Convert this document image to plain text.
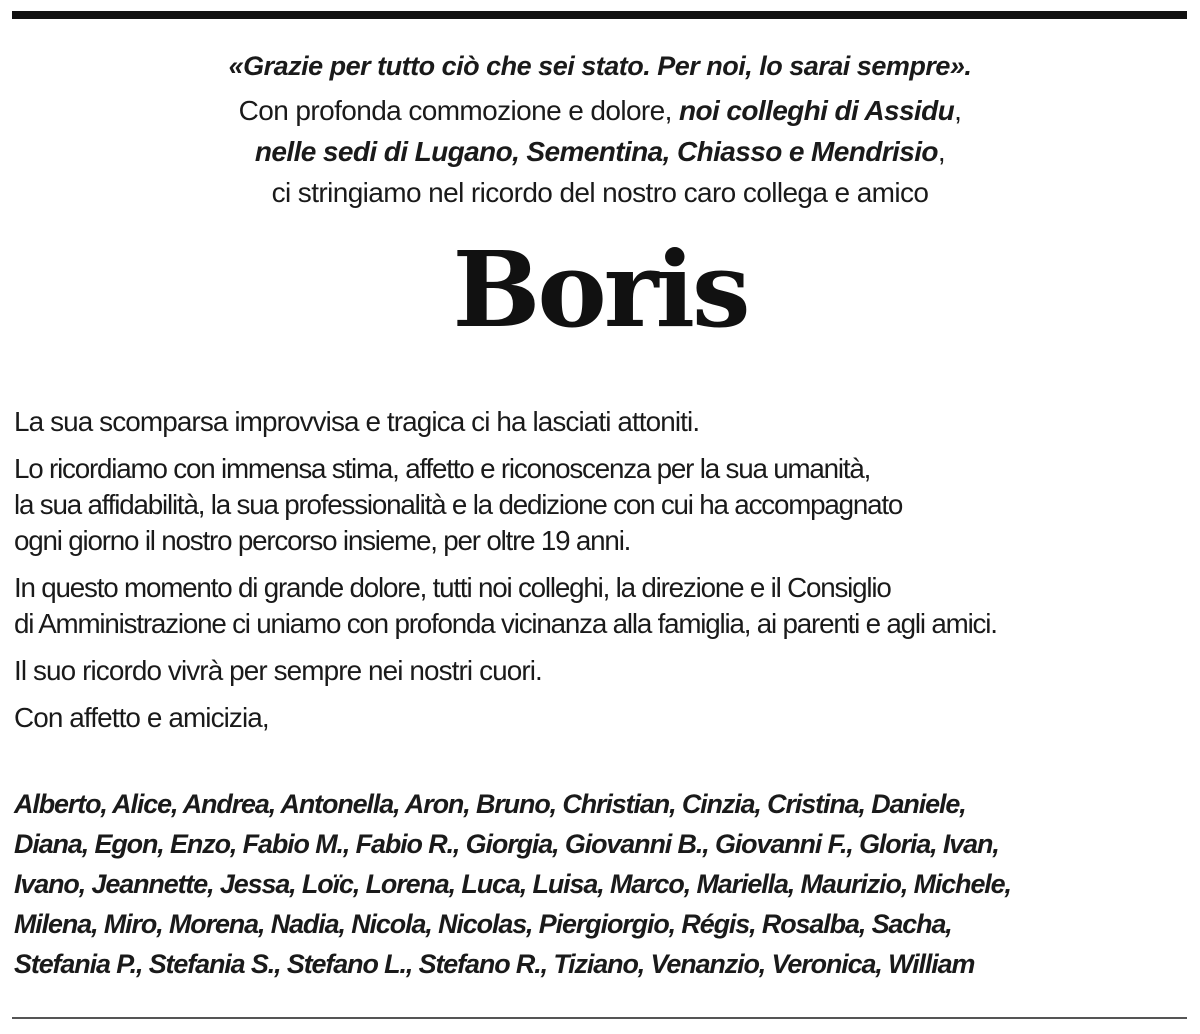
«Grazie per tutto ciò che sei stato. Per noi, lo sarai sempre».
Con profonda commozione e dolore, noi colleghi di Assidu,
nelle sedi di Lugano, Sementina, Chiasso e Mendrisio,
ci stringiamo nel ricordo del nostro caro collega e amico
Boris
La sua scomparsa improvvisa e tragica ci ha lasciati attoniti.
Lo ricordiamo con immensa stima, affetto e riconoscenza per la sua umanità,
la sua affidabilità, la sua professionalità e la dedizione con cui ha accompagnato
ogni giorno il nostro percorso insieme, per oltre 19 anni.
In questo momento di grande dolore, tutti noi colleghi, la direzione e il Consiglio
di Amministrazione ci uniamo con profonda vicinanza alla famiglia, ai parenti e agli amici.
Il suo ricordo vivrà per sempre nei nostri cuori.
Con affetto e amicizia,
Alberto, Alice, Andrea, Antonella, Aron, Bruno, Christian, Cinzia, Cristina, Daniele,
Diana, Egon, Enzo, Fabio M., Fabio R., Giorgia, Giovanni B., Giovanni F., Gloria, Ivan,
Ivano, Jeannette, Jessa, Loïc, Lorena, Luca, Luisa, Marco, Mariella, Maurizio, Michele,
Milena, Miro, Morena, Nadia, Nicola, Nicolas, Piergiorgio, Régis, Rosalba, Sacha,
Stefania P., Stefania S., Stefano L., Stefano R., Tiziano, Venanzio, Veronica, William
